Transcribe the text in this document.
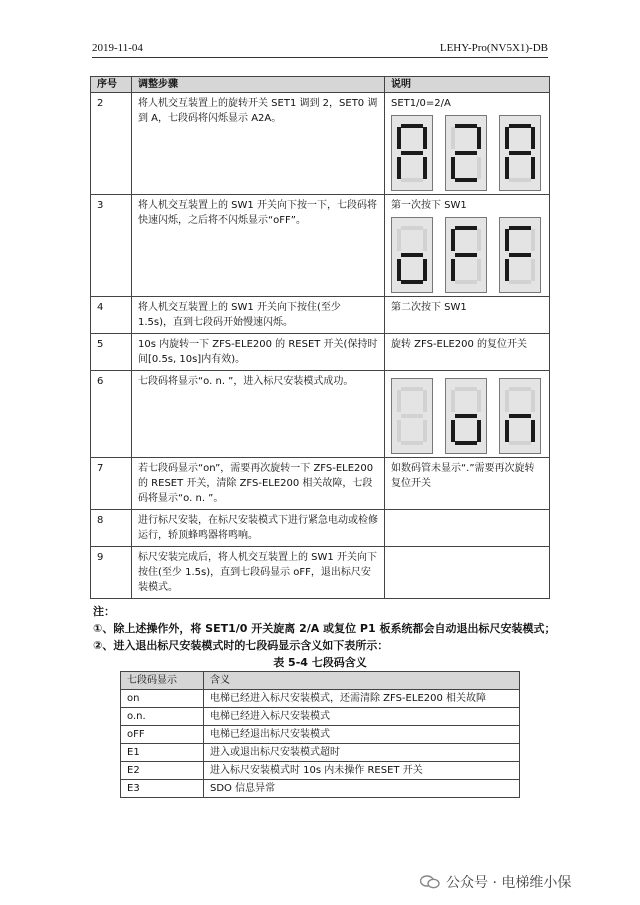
2019-11-04	LEHY-Pro(NV5X1)-DB
序号	调整步骤	说明
2	将人机交互装置上的旋转开关 SET1 调到 2，SET0 调到 A，七段码将闪烁显示 A2A。	SET1/0=2/A

3	将人机交互装置上的 SW1 开关向下按一下，七段码将快速闪烁，之后将不闪烁显示“oFF”。	第一次按下 SW1

4	将人机交互装置上的 SW1 开关向下按住(至少 1.5s)，直到七段码开始慢速闪烁。	第二次按下 SW1
5	10s 内旋转一下 ZFS-ELE200 的 RESET 开关(保持时间[0.5s, 10s]内有效)。	旋转 ZFS-ELE200 的复位开关
6	七段码将显示“o. n. ”，进入标尺安装模式成功。	

7	若七段码显示“on”，需要再次旋转一下 ZFS-ELE200 的 RESET 开关，清除 ZFS-ELE200 相关故障，七段码将显示“o. n. ”。	如数码管未显示“.”需要再次旋转复位开关
8	进行标尺安装，在标尺安装模式下进行紧急电动或检修运行，轿顶蜂鸣器将鸣响。	
9	标尺安装完成后，将人机交互装置上的 SW1 开关向下按住(至少 1.5s)，直到七段码显示 oFF，退出标尺安装模式。	
注：
①、除上述操作外，将 SET1/0 开关旋离 2/A 或复位 P1 板系统都会自动退出标尺安装模式；
②、进入退出标尺安装模式时的七段码显示含义如下表所示：
表 5-4 七段码含义
七段码显示	含义
on	电梯已经进入标尺安装模式，还需清除 ZFS-ELE200 相关故障
o.n.	电梯已经进入标尺安装模式
oFF	电梯已经退出标尺安装模式
E1	进入或退出标尺安装模式超时
E2	进入标尺安装模式时 10s 内未操作 RESET 开关
E3	SDO 信息异常
公众号 · 电梯维小保
